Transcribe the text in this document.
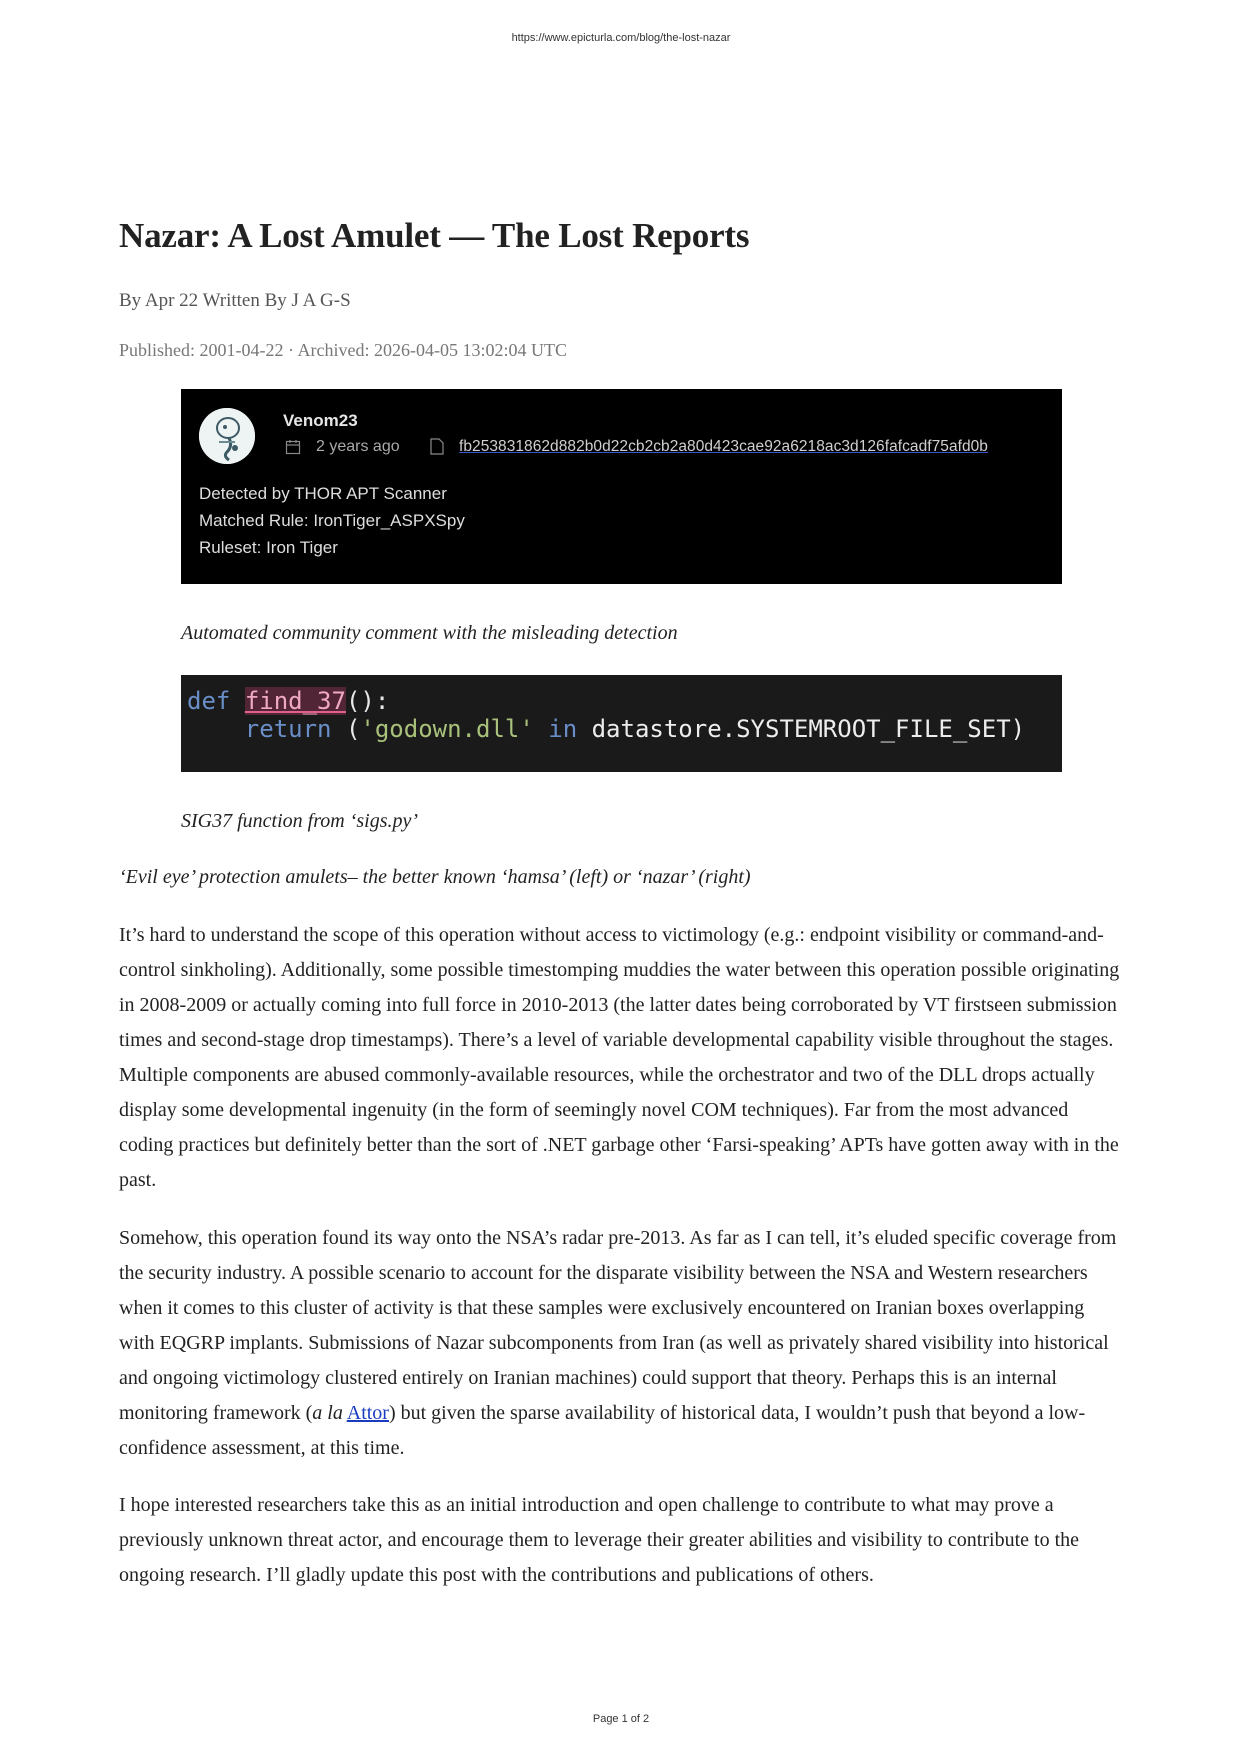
https://www.epicturla.com/blog/the-lost-nazar
Nazar: A Lost Amulet — The Lost Reports
By Apr 22 Written By J A G-S
Published: 2001-04-22 · Archived: 2026-04-05 13:02:04 UTC
Venom23
2 years ago	fb253831862d882b0d22cb2cb2a80d423cae92a6218ac3d126fafcadf75afd0b
Detected by THOR APT Scanner
Matched Rule: IronTiger_ASPXSpy
Ruleset: Iron Tiger
Automated community comment with the misleading detection
def find_37():
return ('godown.dll' in datastore.SYSTEMROOT_FILE_SET)
SIG37 function from ‘sigs.py’
‘Evil eye’ protection amulets– the better known ‘hamsa’ (left) or ‘nazar’ (right)

It’s hard to understand the scope of this operation without access to victimology (e.g.: endpoint visibility or command-and-control sinkholing). Additionally, some possible timestomping muddies the water between this operation possible originating in 2008-2009 or actually coming into full force in 2010-2013 (the latter dates being corroborated by VT firstseen submission times and second-stage drop timestamps). There’s a level of variable developmental capability visible throughout the stages. Multiple components are abused commonly-available resources, while the orchestrator and two of the DLL drops actually display some developmental ingenuity (in the form of seemingly novel COM techniques). Far from the most advanced coding practices but definitely better than the sort of .NET garbage other ‘Farsi-speaking’ APTs have gotten away with in the past.

Somehow, this operation found its way onto the NSA’s radar pre-2013. As far as I can tell, it’s eluded specific coverage from the security industry. A possible scenario to account for the disparate visibility between the NSA and Western researchers when it comes to this cluster of activity is that these samples were exclusively encountered on Iranian boxes overlapping with EQGRP implants. Submissions of Nazar subcomponents from Iran (as well as privately shared visibility into historical and ongoing victimology clustered entirely on Iranian machines) could support that theory. Perhaps this is an internal monitoring framework (a la Attor) but given the sparse availability of historical data, I wouldn’t push that beyond a low-confidence assessment, at this time.

I hope interested researchers take this as an initial introduction and open challenge to contribute to what may prove a previously unknown threat actor, and encourage them to leverage their greater abilities and visibility to contribute to the ongoing research. I’ll gladly update this post with the contributions and publications of others.

Page 1 of 2
